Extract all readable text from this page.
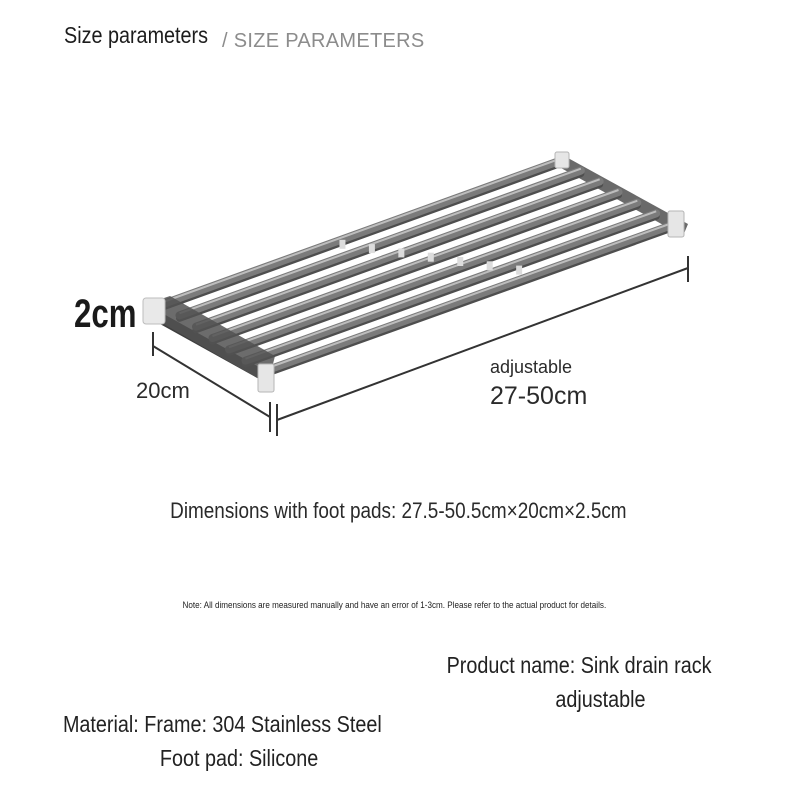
Size parameters / SIZE PARAMETERS
2cm
20cm
adjustable
27-50cm
Dimensions with foot pads: 27.5-50.5cm×20cm×2.5cm
Note: All dimensions are measured manually and have an error of 1-3cm. Please refer to the actual product for details.
Product name: Sink drain rack
adjustable
Material: Frame: 304 Stainless Steel
Foot pad: Silicone
